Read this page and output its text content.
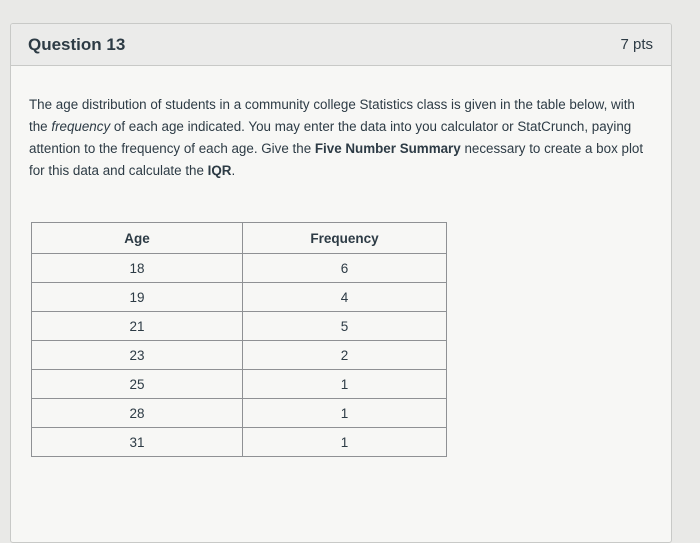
Question 13	7 pts

The age distribution of students in a community college Statistics class is given in the table below, with the frequency of each age indicated. You may enter the data into you calculator or StatCrunch, paying attention to the frequency of each age. Give the Five Number Summary necessary to create a box plot for this data and calculate the IQR.

Age	Frequency
18	6
19	4
21	5
23	2
25	1
28	1
31	1
